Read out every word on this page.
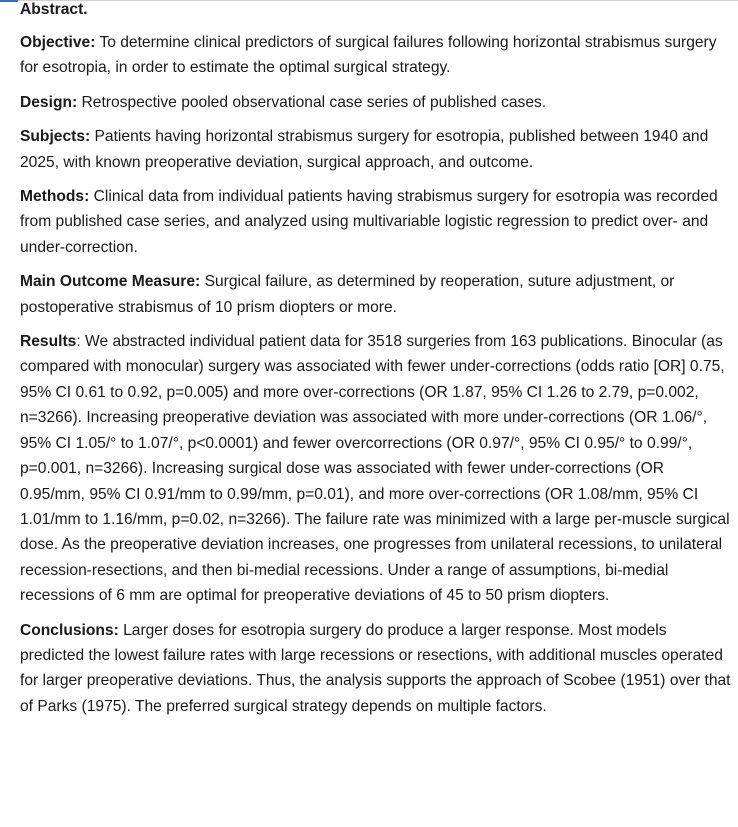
Abstract.

Objective: To determine clinical predictors of surgical failures following horizontal strabismus surgery for esotropia, in order to estimate the optimal surgical strategy.

Design: Retrospective pooled observational case series of published cases.

Subjects: Patients having horizontal strabismus surgery for esotropia, published between 1940 and 2025, with known preoperative deviation, surgical approach, and outcome.

Methods: Clinical data from individual patients having strabismus surgery for esotropia was recorded from published case series, and analyzed using multivariable logistic regression to predict over- and under-correction.

Main Outcome Measure: Surgical failure, as determined by reoperation, suture adjustment, or postoperative strabismus of 10 prism diopters or more.

Results: We abstracted individual patient data for 3518 surgeries from 163 publications. Binocular (as compared with monocular) surgery was associated with fewer under-corrections (odds ratio [OR] 0.75, 95% CI 0.61 to 0.92, p=0.005) and more over-corrections (OR 1.87, 95% CI 1.26 to 2.79, p=0.002, n=3266). Increasing preoperative deviation was associated with more under-corrections (OR 1.06/°, 95% CI 1.05/° to 1.07/°, p<0.0001) and fewer overcorrections (OR 0.97/°, 95% CI 0.95/° to 0.99/°, p=0.001, n=3266). Increasing surgical dose was associated with fewer under-corrections (OR 0.95/mm, 95% CI 0.91/mm to 0.99/mm, p=0.01), and more over-corrections (OR 1.08/mm, 95% CI 1.01/mm to 1.16/mm, p=0.02, n=3266). The failure rate was minimized with a large per-muscle surgical dose. As the preoperative deviation increases, one progresses from unilateral recessions, to unilateral recession-resections, and then bi-medial recessions. Under a range of assumptions, bi-medial recessions of 6 mm are optimal for preoperative deviations of 45 to 50 prism diopters.

Conclusions: Larger doses for esotropia surgery do produce a larger response. Most models predicted the lowest failure rates with large recessions or resections, with additional muscles operated for larger preoperative deviations. Thus, the analysis supports the approach of Scobee (1951) over that of Parks (1975). The preferred surgical strategy depends on multiple factors.
